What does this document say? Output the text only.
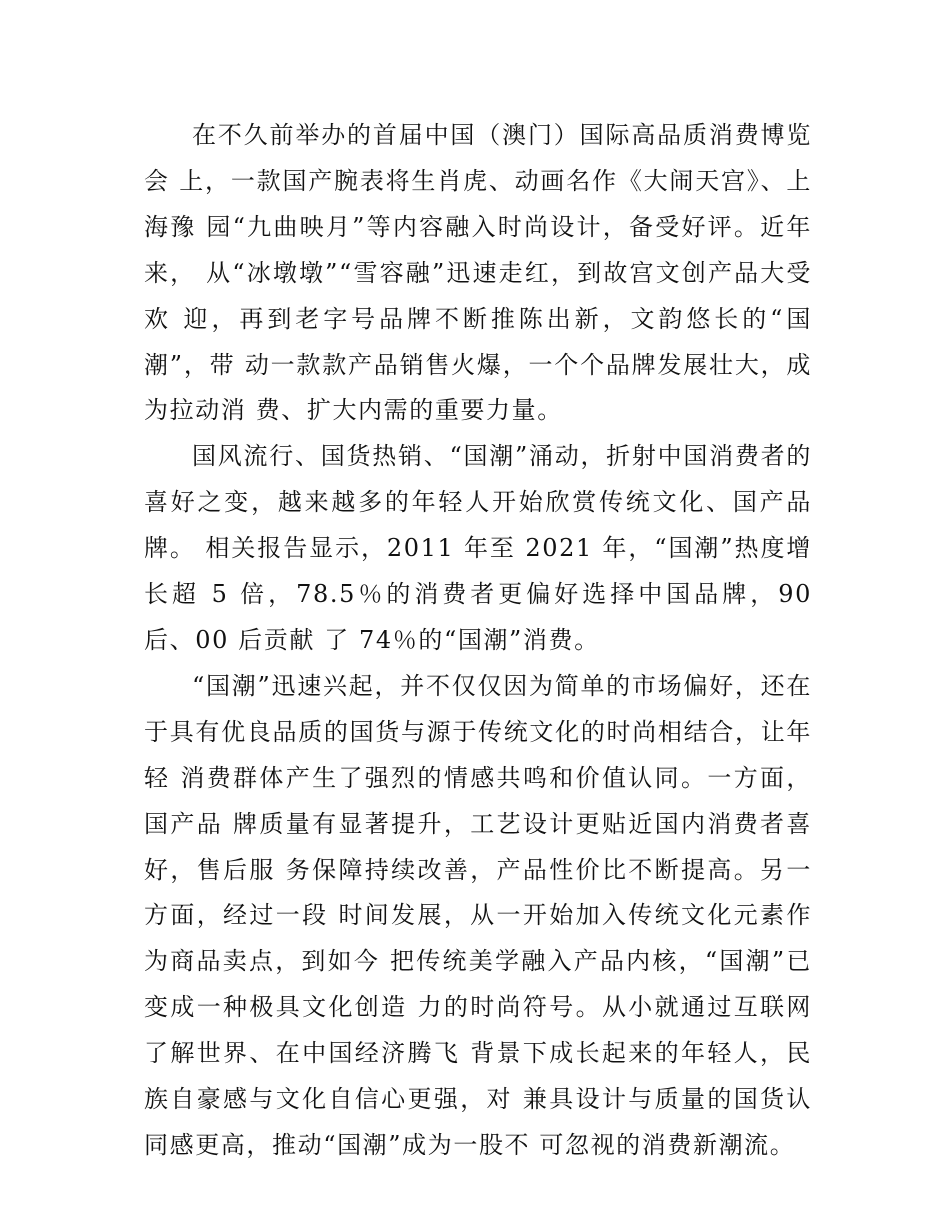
在不久前举办的首届中国（澳门）国际高品质消费博览会 上，一款国产腕表将生肖虎、动画名作《大闹天宫》、上海豫 园“九曲映月”等内容融入时尚设计，备受好评。近年来， 从“冰墩墩”“雪容融”迅速走红，到故宫文创产品大受欢 迎，再到老字号品牌不断推陈出新，文韵悠长的“国潮”，带 动一款款产品销售火爆，一个个品牌发展壮大，成为拉动消 费、扩大内需的重要力量。

国风流行、国货热销、“国潮”涌动，折射中国消费者的 喜好之变，越来越多的年轻人开始欣赏传统文化、国产品牌。 相关报告显示，2011 年至 2021 年，“国潮”热度增长超 5 倍，78.5％的消费者更偏好选择中国品牌，90 后、00 后贡献 了 74％的“国潮”消费。

“国潮”迅速兴起，并不仅仅因为简单的市场偏好，还在 于具有优良品质的国货与源于传统文化的时尚相结合，让年轻 消费群体产生了强烈的情感共鸣和价值认同。一方面，国产品 牌质量有显著提升，工艺设计更贴近国内消费者喜好，售后服 务保障持续改善，产品性价比不断提高。另一方面，经过一段 时间发展，从一开始加入传统文化元素作为商品卖点，到如今 把传统美学融入产品内核，“国潮”已变成一种极具文化创造 力的时尚符号。从小就通过互联网了解世界、在中国经济腾飞 背景下成长起来的年轻人，民族自豪感与文化自信心更强，对 兼具设计与质量的国货认同感更高，推动“国潮”成为一股不 可忽视的消费新潮流。
